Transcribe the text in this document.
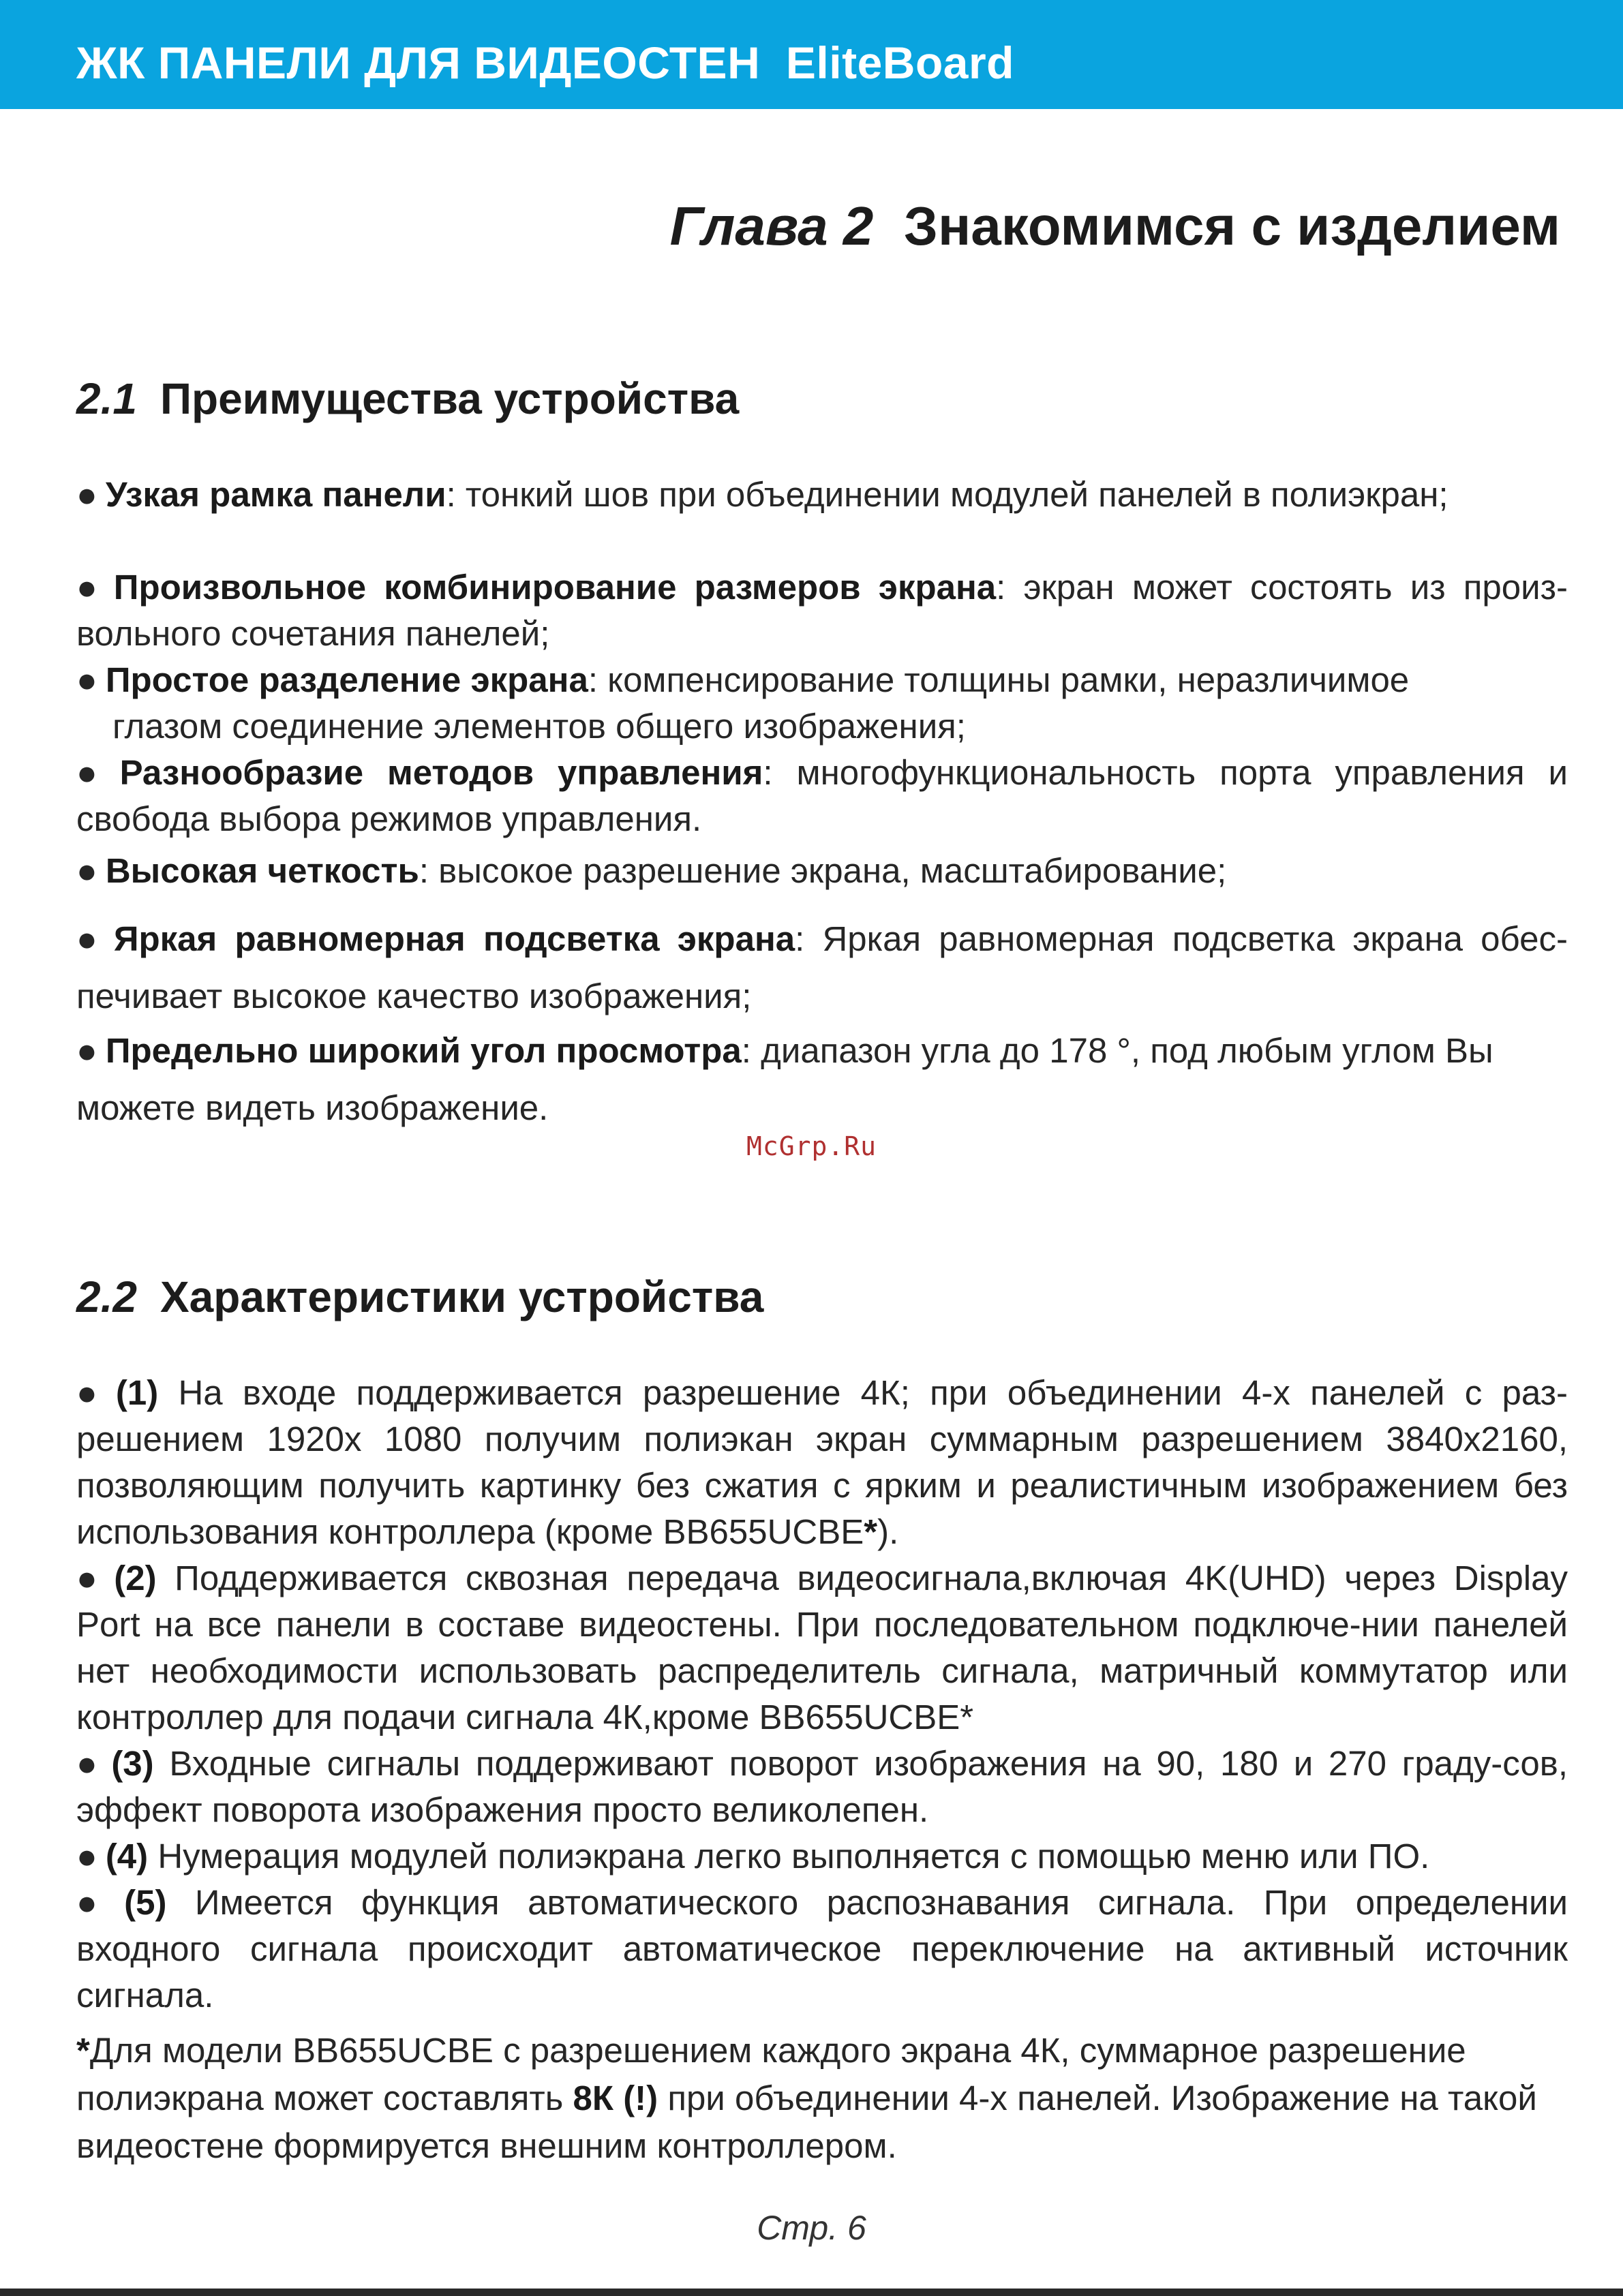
ЖК ПАНЕЛИ ДЛЯ ВИДЕОСТЕН  EliteBoard
Глава 2 Знакомимся с изделием
2.1 Преимущества устройства
● Узкая рамка панели: тонкий шов при объединении модулей панелей в полиэкран;
● Произвольное комбинирование размеров экрана: экран может состоять из произ-вольного сочетания панелей;
● Простое разделение экрана: компенсирование толщины рамки, неразличимое
глазом соединение элементов общего изображения;
● Разнообразие методов управления: многофункциональность порта управления и свобода выбора режимов управления.
● Высокая четкость: высокое разрешение экрана, масштабирование;
● Яркая равномерная подсветка экрана: Яркая равномерная подсветка экрана обес-печивает высокое качество изображения;
● Предельно широкий угол просмотра: диапазон угла до 178 °, под любым углом Вы можете видеть изображение.
McGrp.Ru
2.2 Характеристики устройства
● (1) На входе поддерживается разрешение 4К; при объединении 4-х панелей с раз-решением 1920х 1080 получим полиэкан экран суммарным разрешением 3840х2160, позволяющим получить картинку без сжатия с ярким и реалистичным изображением без использования контроллера (кроме BB655UCBE*).
● (2) Поддерживается сквозная передача видеосигнала,включая 4K(UHD) через Display Port на все панели в составе видеостены. При последовательном подключе-нии панелей нет необходимости использовать распределитель сигнала, матричный коммутатор или контроллер для подачи сигнала 4К,кроме BB655UCBE*
● (3) Входные сигналы поддерживают поворот изображения на 90, 180 и 270 граду-сов, эффект поворота изображения просто великолепен.
● (4) Нумерация модулей полиэкрана легко выполняется с помощью меню или ПО.
● (5) Имеется функция автоматического распознавания сигнала. При определении входного сигнала происходит автоматическое переключение на активный источник сигнала.
*Для модели BB655UCBE с разрешением каждого экрана 4К, суммарное разрешение полиэкрана может составлять 8К (!) при объединении 4-х панелей. Изображение на такой видеостене формируется внешним контроллером.
Стр. 6
